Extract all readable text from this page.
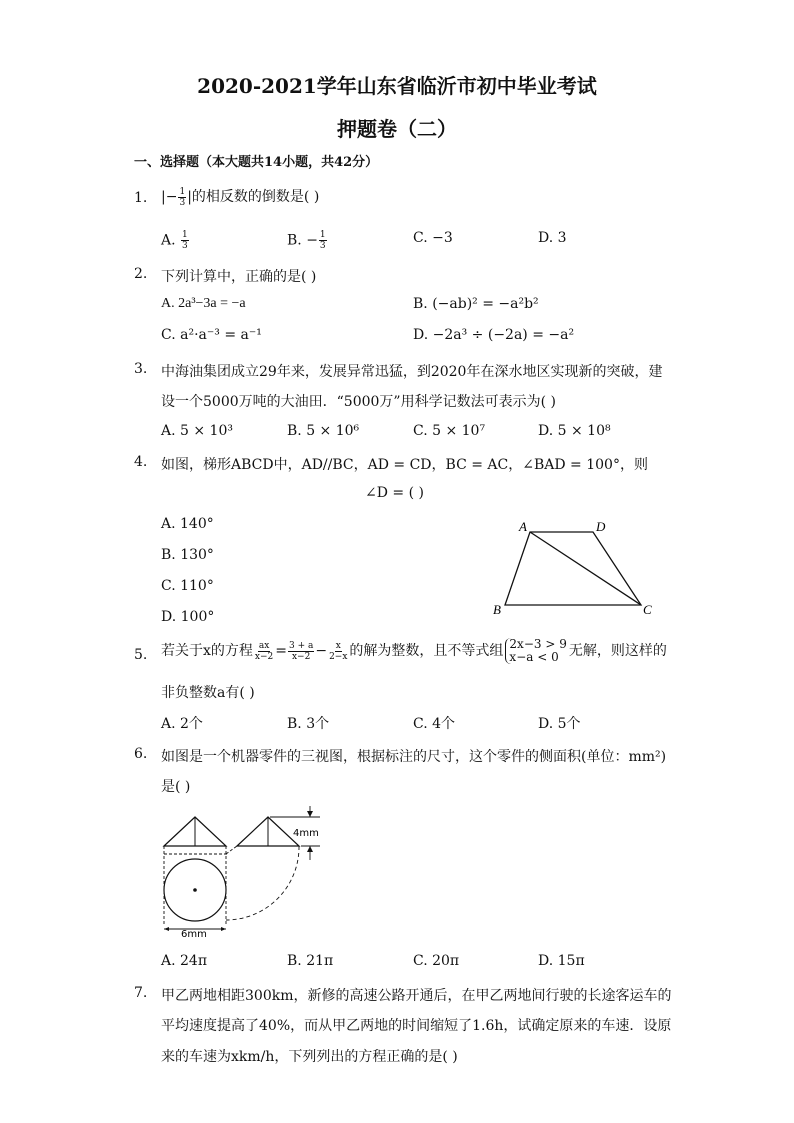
2020-2021学年山东省临沂市初中毕业考试
押题卷（二）
一、选择题（本大题共14小题，共42分）
1. |− $\frac{1}{3}$ |的相反数的倒数是( )
A. $\frac{1}{3}$	B. − $\frac{1}{3}$	C. −3	D. 3
2. 下列计算中，正确的是( )
A. 2a³−3a = −a	B. (−ab)² = −a²b²
C. a²·a⁻³ = a⁻¹	D. −2a³ ÷ (−2a) = −a²
3. 中海油集团成立29年来，发展异常迅猛，到2020年在深水地区实现新的突破，建
设一个5000万吨的大油田．“5000万”用科学记数法可表示为( )
A. 5 × 10³	B. 5 × 10⁶	C. 5 × 10⁷	D. 5 × 10⁸
4. 如图，梯形ABCD中，AD//BC，AD = CD，BC = AC，∠BAD = 100°，则
∠D = ( )
A. 140°
B. 130°
C. 110°
D. 100°
A	D
B	C
5. 若关于x的方程 $\frac{ax}{x-2} = \frac{3 + a}{x-2} - \frac{x}{2-x}$ 的解为整数，且不等式组 2x−3 > 9
x−a < 0 无解，则这样的
非负整数a有( )
A. 2个	B. 3个	C. 4个	D. 5个
6. 如图是一个机器零件的三视图，根据标注的尺寸，这个零件的侧面积(单位：mm²)
是( )
6mm
4mm
A. 24π	B. 21π	C. 20π	D. 15π
7. 甲乙两地相距300km，新修的高速公路开通后，在甲乙两地间行驶的长途客运车的
平均速度提高了40%，而从甲乙两地的时间缩短了1.6h，试确定原来的车速．设原
来的车速为xkm/h，下列列出的方程正确的是( )
